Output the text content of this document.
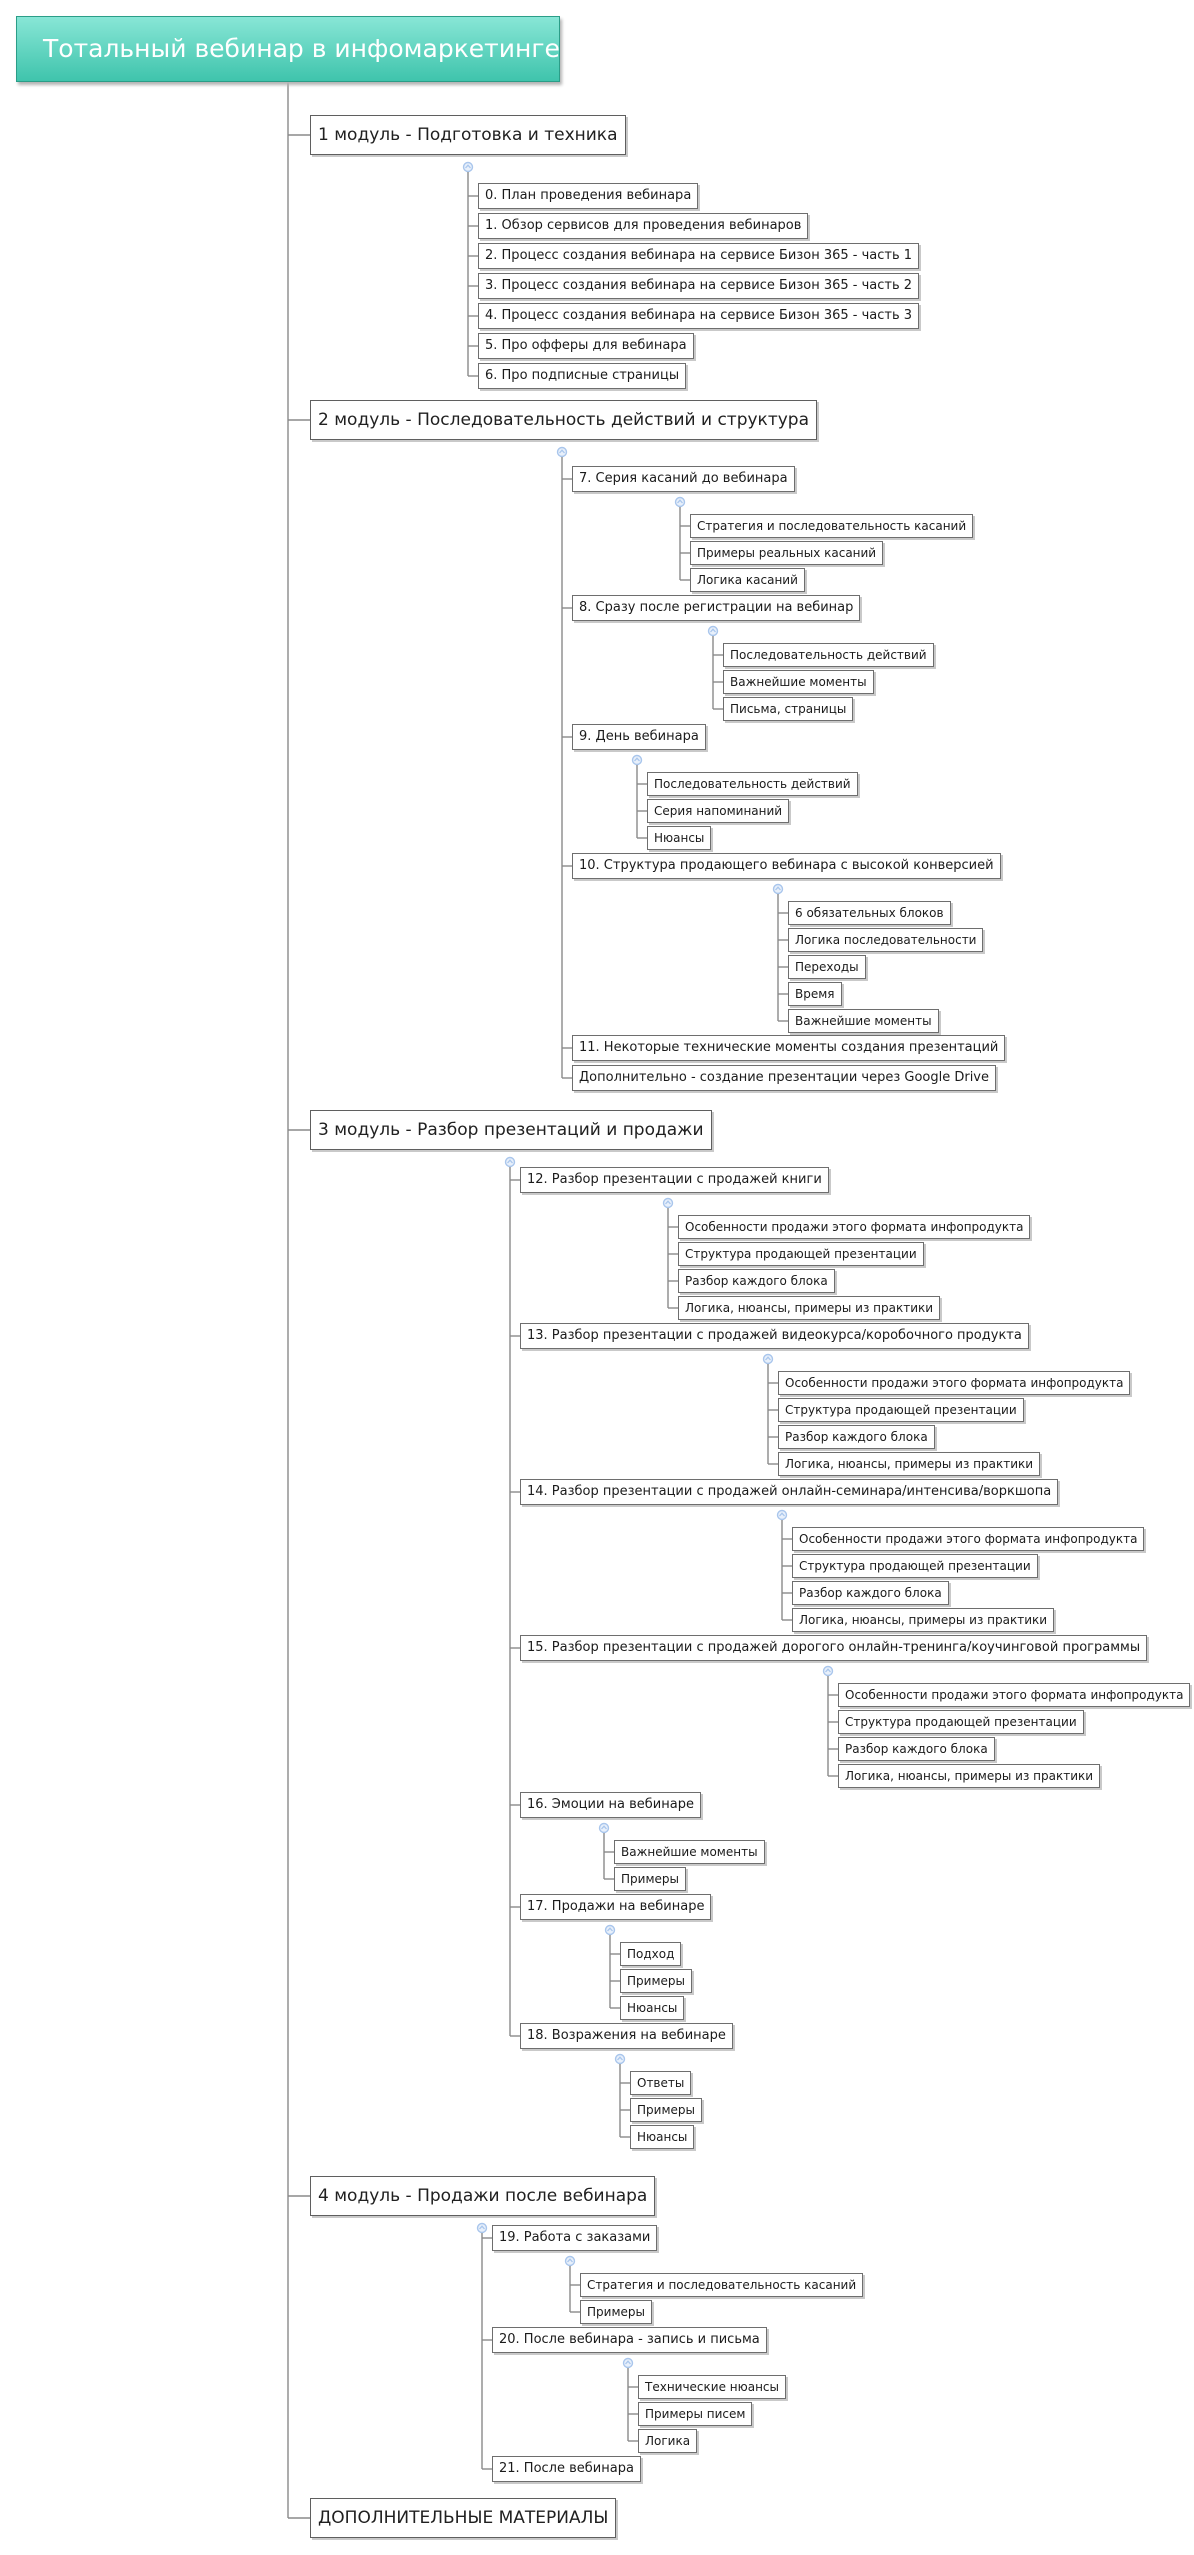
Тотальный вебинар в инфомаркетинге
1 модуль - Подготовка и техника
0. План проведения вебинара
1. Обзор сервисов для проведения вебинаров
2. Процесс создания вебинара на сервисе Бизон 365 - часть 1
3. Процесс создания вебинара на сервисе Бизон 365 - часть 2
4. Процесс создания вебинара на сервисе Бизон 365 - часть 3
5. Про офферы для вебинара
6. Про подписные страницы
2 модуль - Последовательность действий и структура
7. Серия касаний до вебинара
Стратегия и последовательность касаний
Примеры реальных касаний
Логика касаний
8. Сразу после регистрации на вебинар
Последовательность действий
Важнейшие моменты
Письма, страницы
9. День вебинара
Последовательность действий
Серия напоминаний
Нюансы
10. Структура продающего вебинара с высокой конверсией
6 обязательных блоков
Логика последовательности
Переходы
Время
Важнейшие моменты
11. Некоторые технические моменты создания презентаций
Дополнительно - создание презентации через Google Drive
3 модуль - Разбор презентаций и продажи
12. Разбор презентации с продажей книги
Особенности продажи этого формата инфопродукта
Структура продающей презентации
Разбор каждого блока
Логика, нюансы, примеры из практики
13. Разбор презентации с продажей видеокурса/коробочного продукта
Особенности продажи этого формата инфопродукта
Структура продающей презентации
Разбор каждого блока
Логика, нюансы, примеры из практики
14. Разбор презентации с продажей онлайн-семинара/интенсива/воркшопа
Особенности продажи этого формата инфопродукта
Структура продающей презентации
Разбор каждого блока
Логика, нюансы, примеры из практики
15. Разбор презентации с продажей дорогого онлайн-тренинга/коучинговой программы
Особенности продажи этого формата инфопродукта
Структура продающей презентации
Разбор каждого блока
Логика, нюансы, примеры из практики
16. Эмоции на вебинаре
Важнейшие моменты
Примеры
17. Продажи на вебинаре
Подход
Примеры
Нюансы
18. Возражения на вебинаре
Ответы
Примеры
Нюансы
4 модуль - Продажи после вебинара
19. Работа с заказами
Стратегия и последовательность касаний
Примеры
20. После вебинара - запись и письма
Технические нюансы
Примеры писем
Логика
21. После вебинара
ДОПОЛНИТЕЛЬНЫЕ МАТЕРИАЛЫ
